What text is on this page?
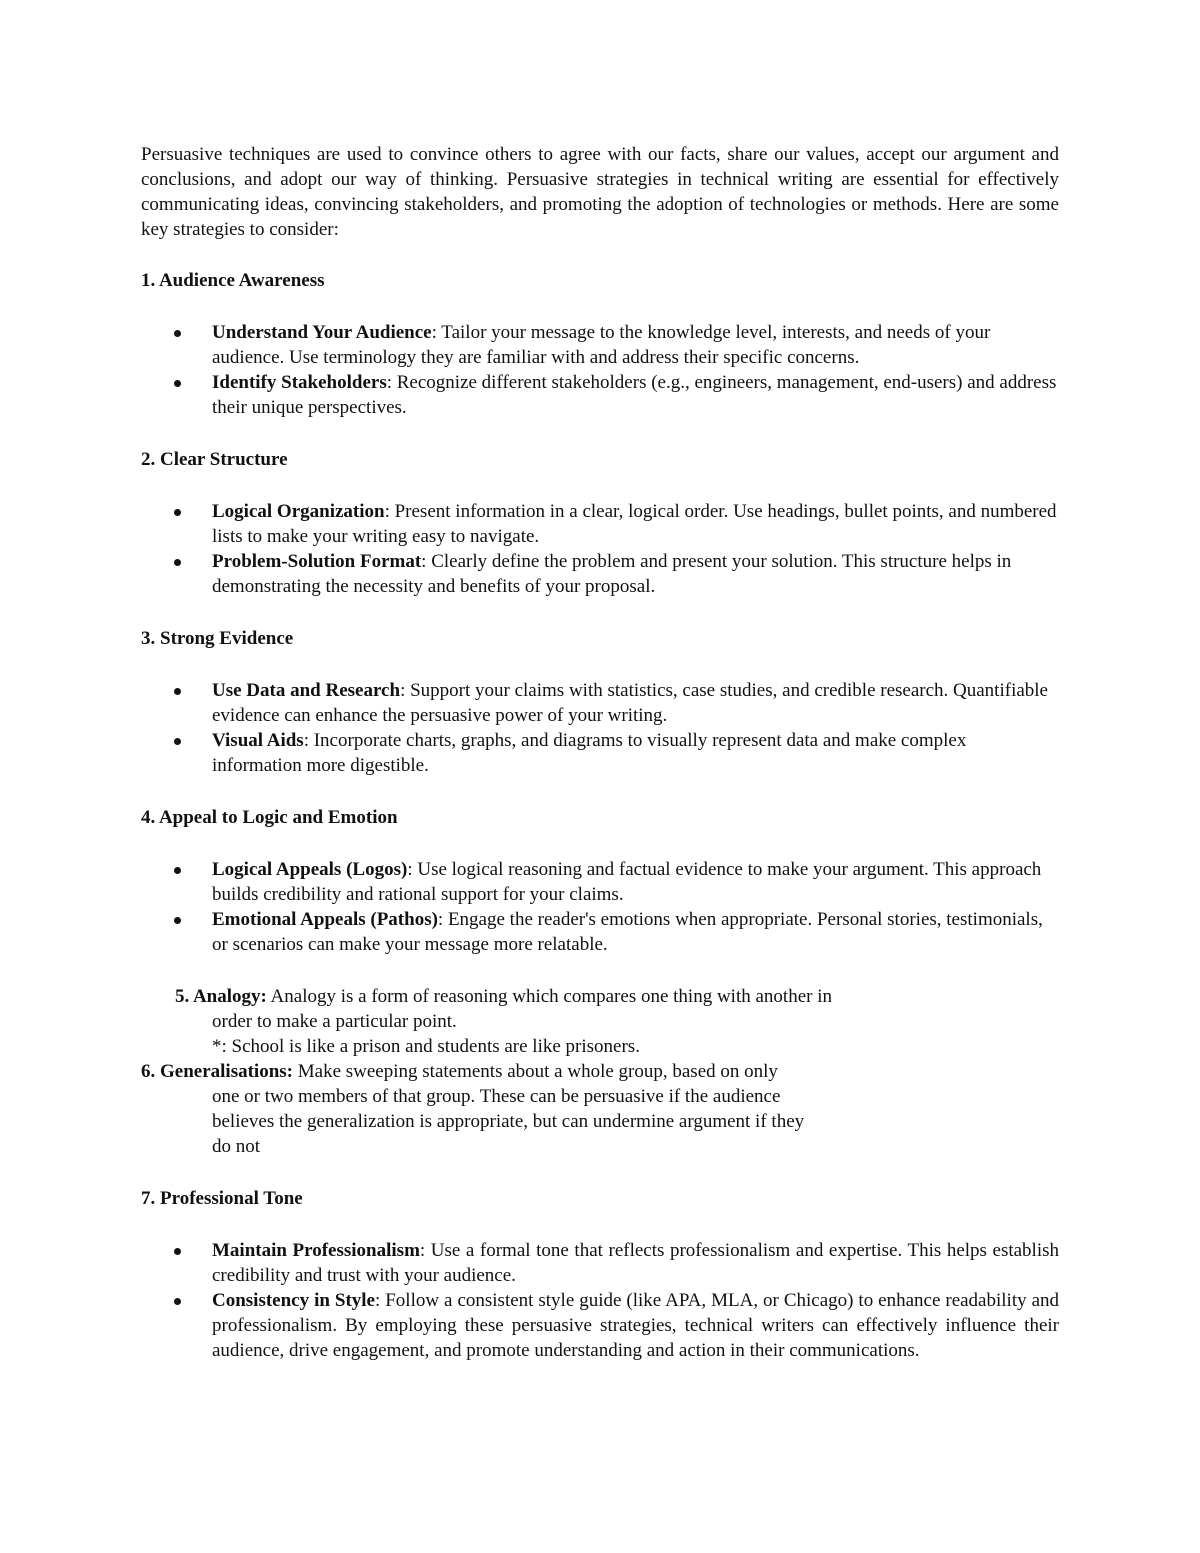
Persuasive techniques are used to convince others to agree with our facts, share our values, accept our argument and conclusions, and adopt our way of thinking. Persuasive strategies in technical writing are essential for effectively communicating ideas, convincing stakeholders, and promoting the adoption of technologies or methods. Here are some key strategies to consider:

1. Audience Awareness

Understand Your Audience: Tailor your message to the knowledge level, interests, and needs of your audience. Use terminology they are familiar with and address their specific concerns.
Identify Stakeholders: Recognize different stakeholders (e.g., engineers, management, end-users) and address their unique perspectives.

2. Clear Structure

Logical Organization: Present information in a clear, logical order. Use headings, bullet points, and numbered lists to make your writing easy to navigate.
Problem-Solution Format: Clearly define the problem and present your solution. This structure helps in demonstrating the necessity and benefits of your proposal.

3. Strong Evidence

Use Data and Research: Support your claims with statistics, case studies, and credible research. Quantifiable evidence can enhance the persuasive power of your writing.
Visual Aids: Incorporate charts, graphs, and diagrams to visually represent data and make complex information more digestible.

4. Appeal to Logic and Emotion

Logical Appeals (Logos): Use logical reasoning and factual evidence to make your argument. This approach builds credibility and rational support for your claims.
Emotional Appeals (Pathos): Engage the reader's emotions when appropriate. Personal stories, testimonials, or scenarios can make your message more relatable.
5. Analogy: Analogy is a form of reasoning which compares one thing with another in
order to make a particular point.
*: School is like a prison and students are like prisoners.
6. Generalisations: Make sweeping statements about a whole group, based on only
one or two members of that group. These can be persuasive if the audience
believes the generalization is appropriate, but can undermine argument if they
do not

7. Professional Tone

Maintain Professionalism: Use a formal tone that reflects professionalism and expertise. This helps establish credibility and trust with your audience.
Consistency in Style: Follow a consistent style guide (like APA, MLA, or Chicago) to enhance readability and professionalism. By employing these persuasive strategies, technical writers can effectively influence their audience, drive engagement, and promote understanding and action in their communications.
